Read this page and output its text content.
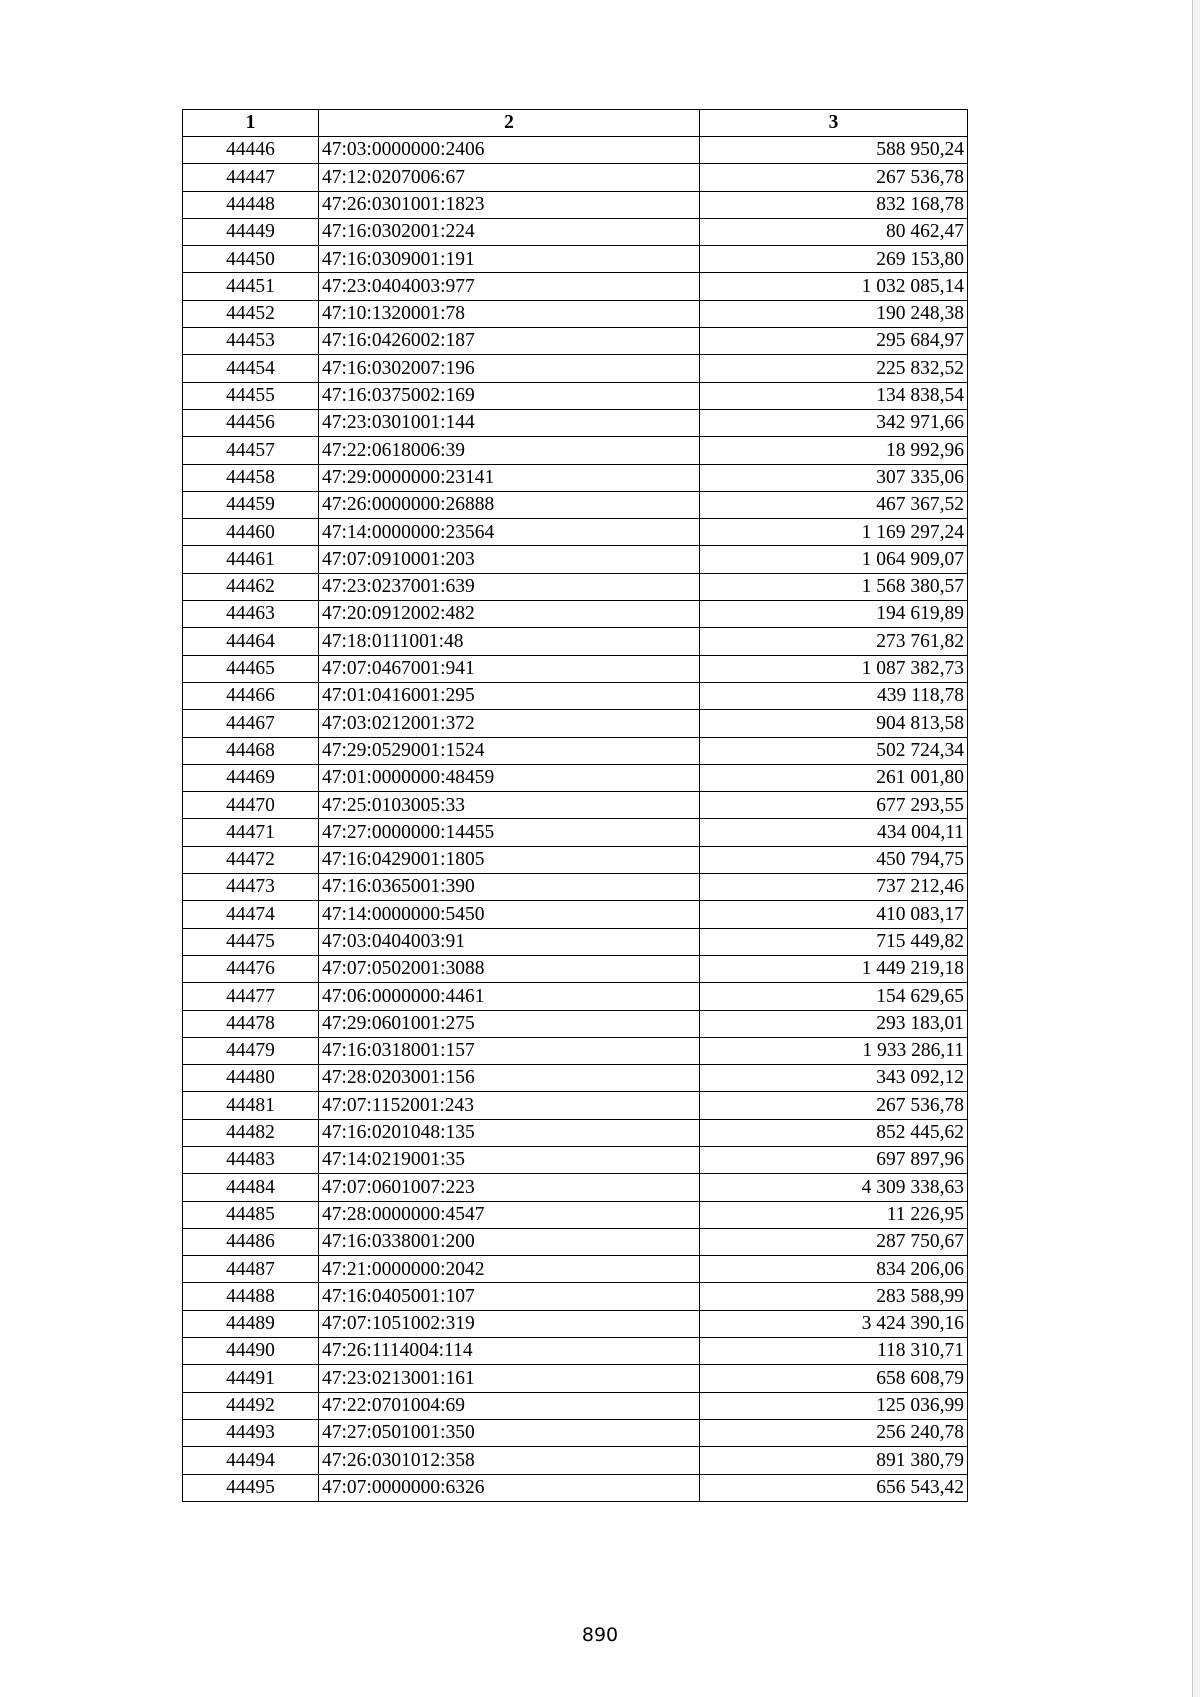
1	2	3
44446	47:03:0000000:2406	588 950,24
44447	47:12:0207006:67	267 536,78
44448	47:26:0301001:1823	832 168,78
44449	47:16:0302001:224	80 462,47
44450	47:16:0309001:191	269 153,80
44451	47:23:0404003:977	1 032 085,14
44452	47:10:1320001:78	190 248,38
44453	47:16:0426002:187	295 684,97
44454	47:16:0302007:196	225 832,52
44455	47:16:0375002:169	134 838,54
44456	47:23:0301001:144	342 971,66
44457	47:22:0618006:39	18 992,96
44458	47:29:0000000:23141	307 335,06
44459	47:26:0000000:26888	467 367,52
44460	47:14:0000000:23564	1 169 297,24
44461	47:07:0910001:203	1 064 909,07
44462	47:23:0237001:639	1 568 380,57
44463	47:20:0912002:482	194 619,89
44464	47:18:0111001:48	273 761,82
44465	47:07:0467001:941	1 087 382,73
44466	47:01:0416001:295	439 118,78
44467	47:03:0212001:372	904 813,58
44468	47:29:0529001:1524	502 724,34
44469	47:01:0000000:48459	261 001,80
44470	47:25:0103005:33	677 293,55
44471	47:27:0000000:14455	434 004,11
44472	47:16:0429001:1805	450 794,75
44473	47:16:0365001:390	737 212,46
44474	47:14:0000000:5450	410 083,17
44475	47:03:0404003:91	715 449,82
44476	47:07:0502001:3088	1 449 219,18
44477	47:06:0000000:4461	154 629,65
44478	47:29:0601001:275	293 183,01
44479	47:16:0318001:157	1 933 286,11
44480	47:28:0203001:156	343 092,12
44481	47:07:1152001:243	267 536,78
44482	47:16:0201048:135	852 445,62
44483	47:14:0219001:35	697 897,96
44484	47:07:0601007:223	4 309 338,63
44485	47:28:0000000:4547	11 226,95
44486	47:16:0338001:200	287 750,67
44487	47:21:0000000:2042	834 206,06
44488	47:16:0405001:107	283 588,99
44489	47:07:1051002:319	3 424 390,16
44490	47:26:1114004:114	118 310,71
44491	47:23:0213001:161	658 608,79
44492	47:22:0701004:69	125 036,99
44493	47:27:0501001:350	256 240,78
44494	47:26:0301012:358	891 380,79
44495	47:07:0000000:6326	656 543,42
890
